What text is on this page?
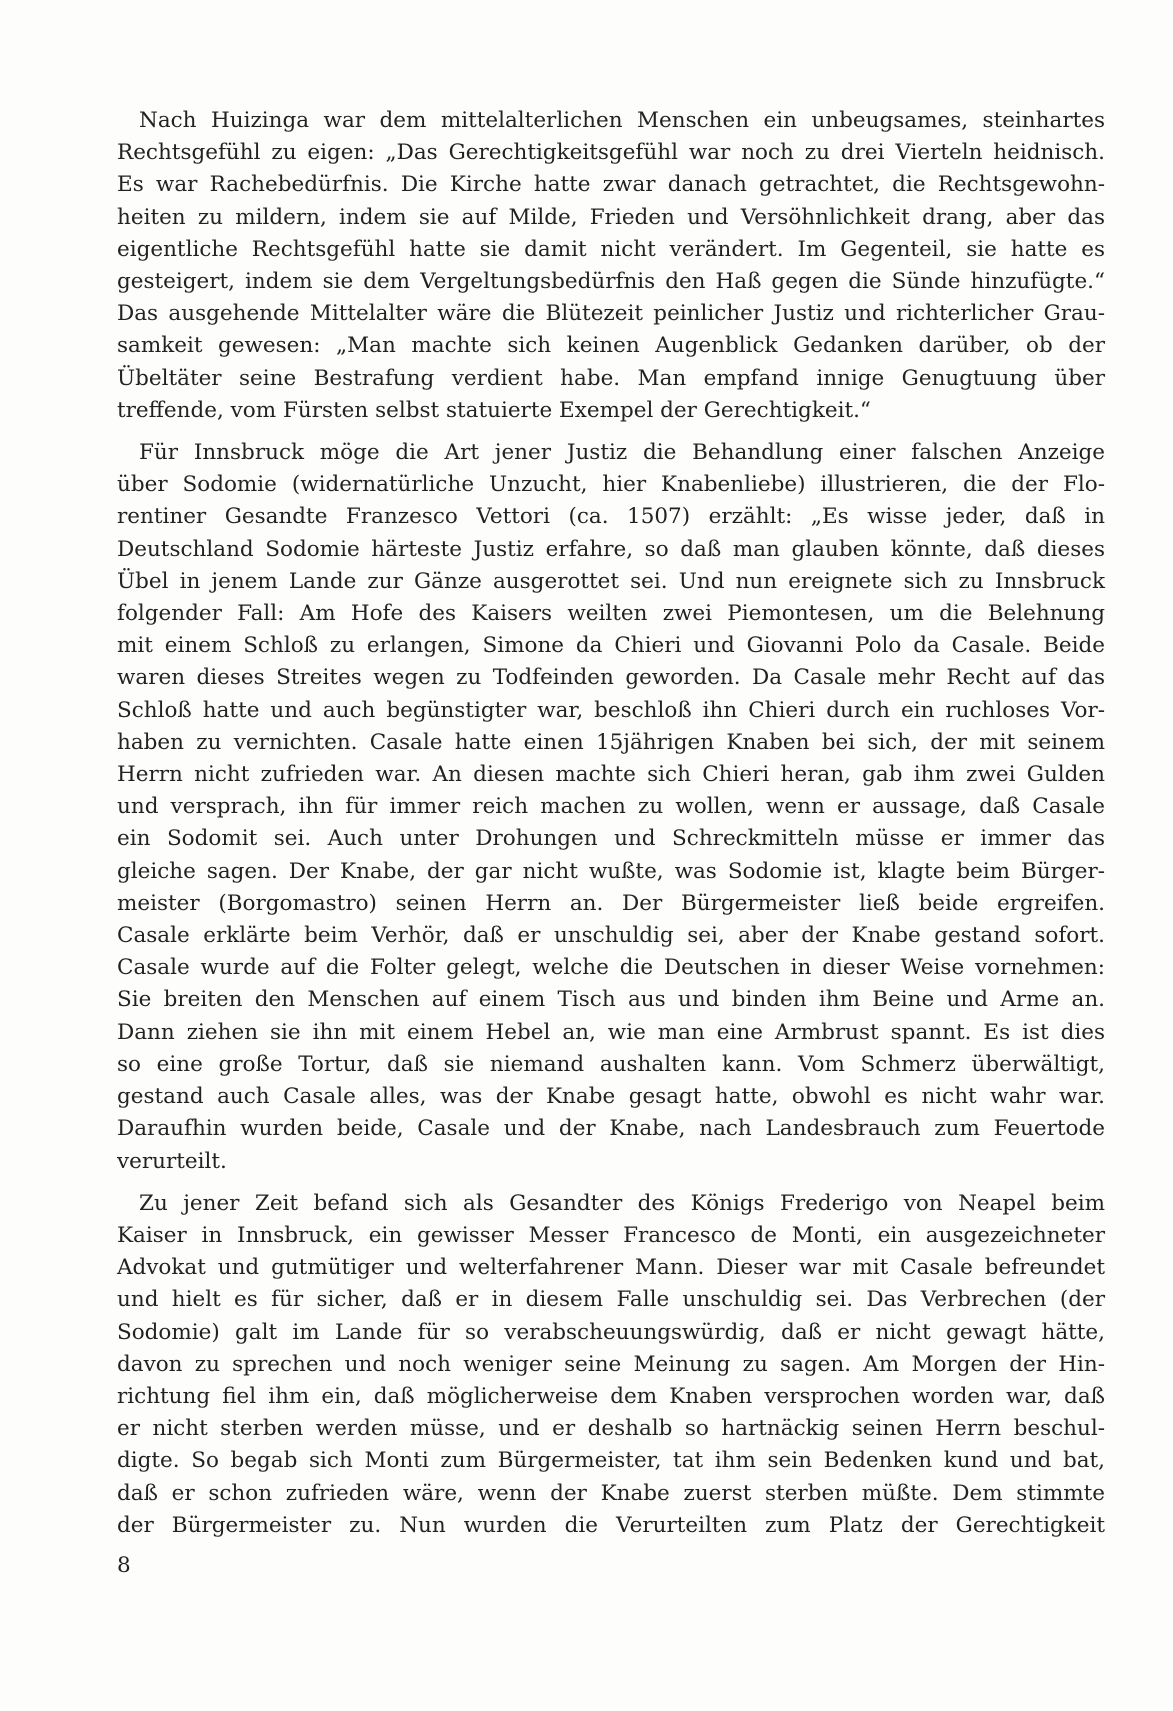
Nach Huizinga war dem mittelalterlichen Menschen ein unbeugsames, steinhartes
Rechtsgefühl zu eigen: „Das Gerechtigkeitsgefühl war noch zu drei Vierteln heidnisch.
Es war Rachebedürfnis. Die Kirche hatte zwar danach getrachtet, die Rechtsgewohn-
heiten zu mildern, indem sie auf Milde, Frieden und Versöhnlichkeit drang, aber das
eigentliche Rechtsgefühl hatte sie damit nicht verändert. Im Gegenteil, sie hatte es
gesteigert, indem sie dem Vergeltungsbedürfnis den Haß gegen die Sünde hinzufügte.“
Das ausgehende Mittelalter wäre die Blütezeit peinlicher Justiz und richterlicher Grau-
samkeit gewesen: „Man machte sich keinen Augenblick Gedanken darüber, ob der
Übeltäter seine Bestrafung verdient habe. Man empfand innige Genugtuung über
treffende, vom Fürsten selbst statuierte Exempel der Gerechtigkeit.“
Für Innsbruck möge die Art jener Justiz die Behandlung einer falschen Anzeige
über Sodomie (widernatürliche Unzucht, hier Knabenliebe) illustrieren, die der Flo-
rentiner Gesandte Franzesco Vettori (ca. 1507) erzählt: „Es wisse jeder, daß in
Deutschland Sodomie härteste Justiz erfahre, so daß man glauben könnte, daß dieses
Übel in jenem Lande zur Gänze ausgerottet sei. Und nun ereignete sich zu Innsbruck
folgender Fall: Am Hofe des Kaisers weilten zwei Piemontesen, um die Belehnung
mit einem Schloß zu erlangen, Simone da Chieri und Giovanni Polo da Casale. Beide
waren dieses Streites wegen zu Todfeinden geworden. Da Casale mehr Recht auf das
Schloß hatte und auch begünstigter war, beschloß ihn Chieri durch ein ruchloses Vor-
haben zu vernichten. Casale hatte einen 15jährigen Knaben bei sich, der mit seinem
Herrn nicht zufrieden war. An diesen machte sich Chieri heran, gab ihm zwei Gulden
und versprach, ihn für immer reich machen zu wollen, wenn er aussage, daß Casale
ein Sodomit sei. Auch unter Drohungen und Schreckmitteln müsse er immer das
gleiche sagen. Der Knabe, der gar nicht wußte, was Sodomie ist, klagte beim Bürger-
meister (Borgomastro) seinen Herrn an. Der Bürgermeister ließ beide ergreifen.
Casale erklärte beim Verhör, daß er unschuldig sei, aber der Knabe gestand sofort.
Casale wurde auf die Folter gelegt, welche die Deutschen in dieser Weise vornehmen:
Sie breiten den Menschen auf einem Tisch aus und binden ihm Beine und Arme an.
Dann ziehen sie ihn mit einem Hebel an, wie man eine Armbrust spannt. Es ist dies
so eine große Tortur, daß sie niemand aushalten kann. Vom Schmerz überwältigt,
gestand auch Casale alles, was der Knabe gesagt hatte, obwohl es nicht wahr war.
Daraufhin wurden beide, Casale und der Knabe, nach Landesbrauch zum Feuertode
verurteilt.
Zu jener Zeit befand sich als Gesandter des Königs Frederigo von Neapel beim
Kaiser in Innsbruck, ein gewisser Messer Francesco de Monti, ein ausgezeichneter
Advokat und gutmütiger und welterfahrener Mann. Dieser war mit Casale befreundet
und hielt es für sicher, daß er in diesem Falle unschuldig sei. Das Verbrechen (der
Sodomie) galt im Lande für so verabscheuungswürdig, daß er nicht gewagt hätte,
davon zu sprechen und noch weniger seine Meinung zu sagen. Am Morgen der Hin-
richtung fiel ihm ein, daß möglicherweise dem Knaben versprochen worden war, daß
er nicht sterben werden müsse, und er deshalb so hartnäckig seinen Herrn beschul-
digte. So begab sich Monti zum Bürgermeister, tat ihm sein Bedenken kund und bat,
daß er schon zufrieden wäre, wenn der Knabe zuerst sterben müßte. Dem stimmte
der Bürgermeister zu. Nun wurden die Verurteilten zum Platz der Gerechtigkeit
8
